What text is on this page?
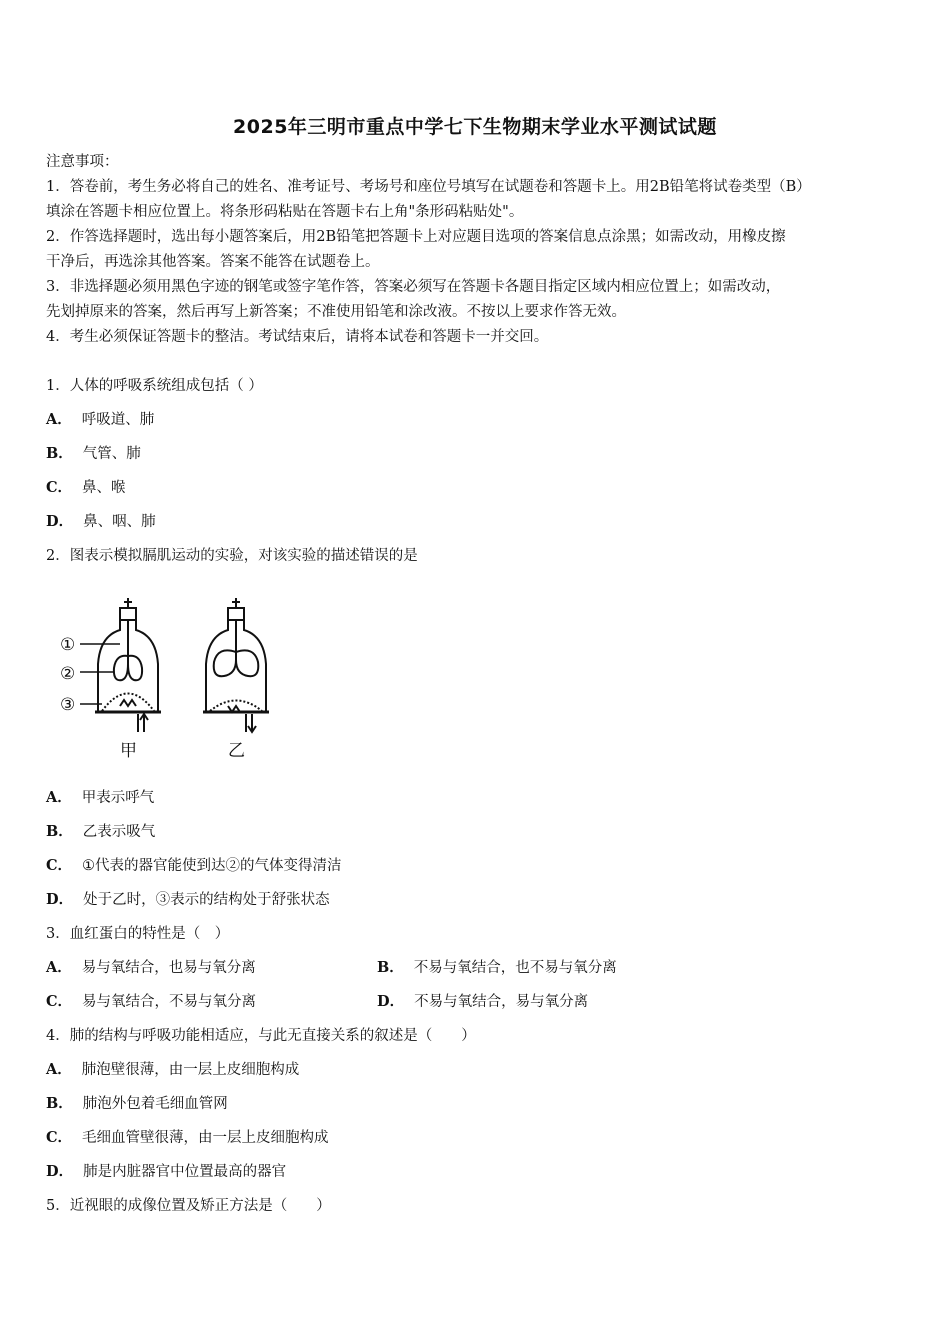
2025年三明市重点中学七下生物期末学业水平测试试题
注意事项：
1．答卷前，考生务必将自己的姓名、准考证号、考场号和座位号填写在试题卷和答题卡上。用2B铅笔将试卷类型（B）
填涂在答题卡相应位置上。将条形码粘贴在答题卡右上角"条形码粘贴处"。
2．作答选择题时，选出每小题答案后，用2B铅笔把答题卡上对应题目选项的答案信息点涂黑；如需改动，用橡皮擦
干净后，再选涂其他答案。答案不能答在试题卷上。
3．非选择题必须用黑色字迹的钢笔或签字笔作答，答案必须写在答题卡各题目指定区域内相应位置上；如需改动，
先划掉原来的答案，然后再写上新答案；不准使用铅笔和涂改液。不按以上要求作答无效。
4．考生必须保证答题卡的整洁。考试结束后，请将本试卷和答题卡一并交回。
1．人体的呼吸系统组成包括（ ）
A． 呼吸道、肺
B． 气管、肺
C． 鼻、喉
D． 鼻、咽、肺
2．图表示模拟膈肌运动的实验，对该实验的描述错误的是
①
②
③
甲	乙
A． 甲表示呼气
B． 乙表示吸气
C． ①代表的器官能使到达②的气体变得清洁
D． 处于乙时，③表示的结构处于舒张状态
3．血红蛋白的特性是（　）
A． 易与氧结合，也易与氧分离	B． 不易与氧结合，也不易与氧分离
C． 易与氧结合，不易与氧分离	D． 不易与氧结合，易与氧分离
4．肺的结构与呼吸功能相适应，与此无直接关系的叙述是（　　）
A． 肺泡壁很薄，由一层上皮细胞构成
B． 肺泡外包着毛细血管网
C． 毛细血管壁很薄，由一层上皮细胞构成
D． 肺是内脏器官中位置最高的器官
5．近视眼的成像位置及矫正方法是（　　）
